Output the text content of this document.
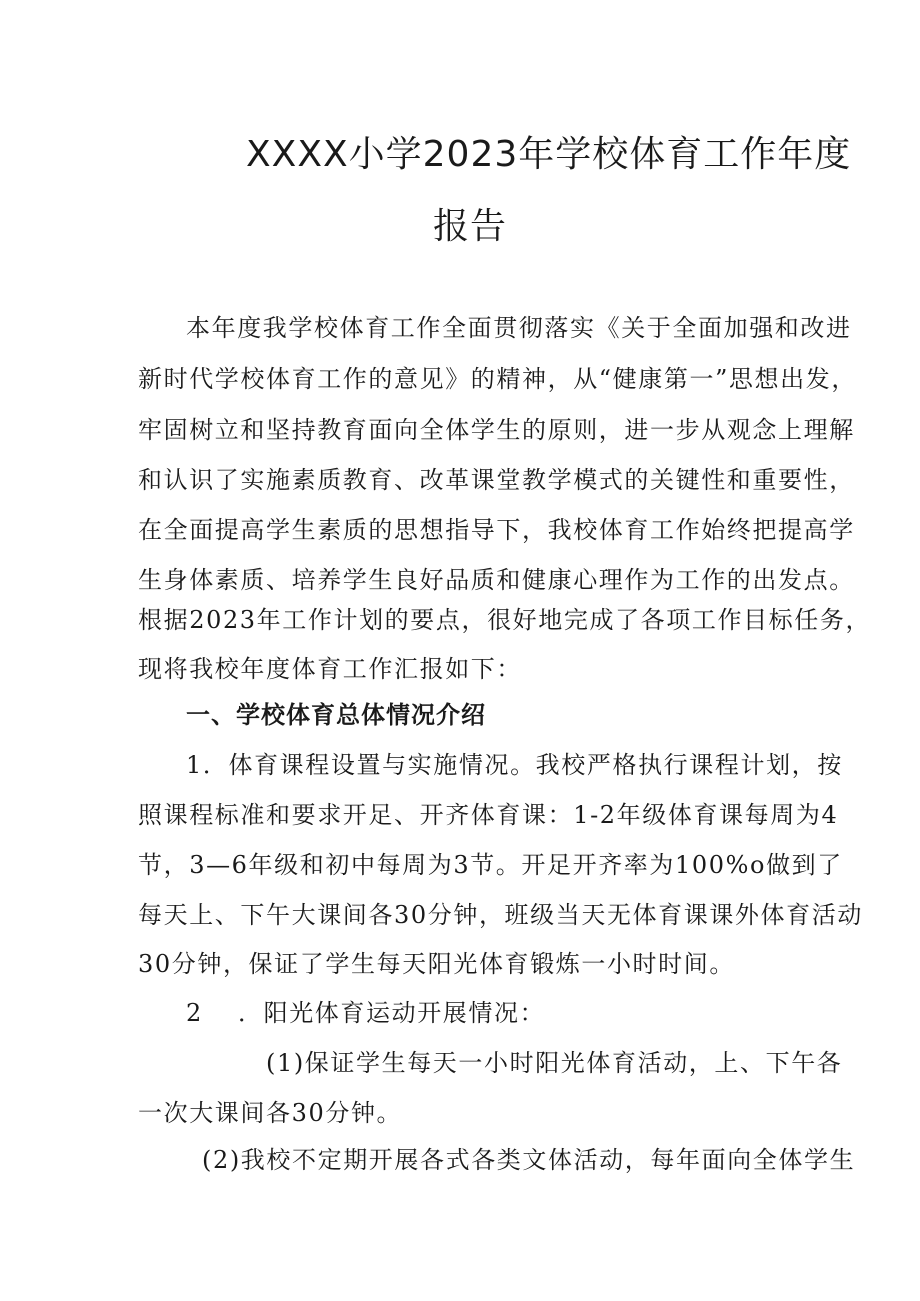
XXXX小学2023年学校体育工作年度
报告
本年度我学校体育工作全面贯彻落实《关于全面加强和改进
新时代学校体育工作的意见》的精神，从“健康第一”思想出发，
牢固树立和坚持教育面向全体学生的原则，进一步从观念上理解
和认识了实施素质教育、改革课堂教学模式的关键性和重要性，
在全面提高学生素质的思想指导下，我校体育工作始终把提高学
生身体素质、培养学生良好品质和健康心理作为工作的出发点。
根据2023年工作计划的要点，很好地完成了各项工作目标任务，
现将我校年度体育工作汇报如下：
一、学校体育总体情况介绍
1．体育课程设置与实施情况。我校严格执行课程计划，按
照课程标准和要求开足、开齐体育课：1-2年级体育课每周为4
节，3—6年级和初中每周为3节。开足开齐率为100%o做到了
每天上、下午大课间各30分钟，班级当天无体育课课外体育活动
30分钟，保证了学生每天阳光体育锻炼一小时时间。
2	．阳光体育运动开展情况：
(1)保证学生每天一小时阳光体育活动，上、下午各
一次大课间各30分钟。
(2)我校不定期开展各式各类文体活动，每年面向全体学生
